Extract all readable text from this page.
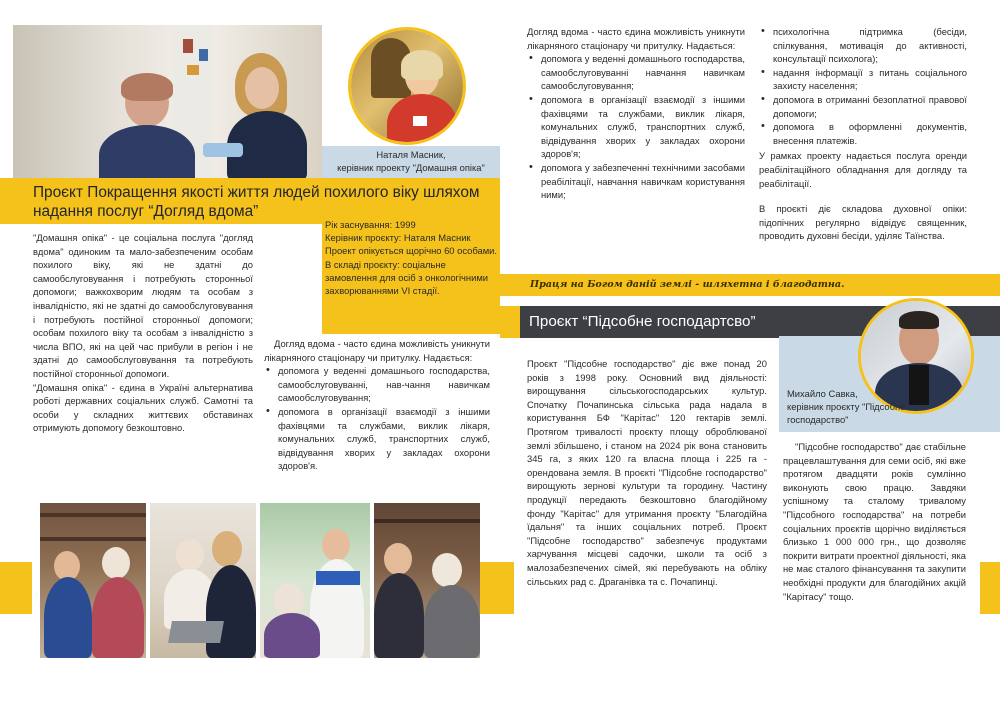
Наталя Масник,
керівник проекту "Домашня опіка"
Проєкт Покращення якості життя людей похилого віку шляхом надання послуг “Догляд вдома”
Рік заснування: 1999
Керівник проєкту: Наталя Масник
Проект опікується щорічно 60 особами.
В складі проєкту: соціальне замовлення для осіб з онкологічними захворюваннями VI стадії.

"Домашня опіка" - це соціальна послуга "догляд вдома" одиноким та мало-забезпеченим особам похилого віку, які не здатні до самообслуговування і потребують сторонньої допомоги; важкохворим людям та особам з інвалідністю, які не здатні до самообслуговування і потребують постійної сторонньої допомоги; особам похилого віку та особам з інвалідністю з числа ВПО, які на цей час прибули в регіон і не здатні до самообслуговування та потребують постійної сторонньої допомоги.

"Домашня опіка" - єдина в Україні альтернатива роботі державних соціальних служб. Самотні та особи у складних життєвих обставинах отримують допомогу безкоштовно.

Догляд вдома - часто єдина можливість уникнути лікарняного стаціонару чи притулку. Надається:

• допомога у веденні домашнього господарства, самообслуговуванні, нав-чання навичкам самообслуговування;
• допомога в організації взаємодії з іншими фахівцями та службами, виклик лікаря, комунальних служб, транспортних служб, відвідування хворих у закладах охорони здоров'я.

Догляд вдома - часто єдина можливість уникнути лікарняного стаціонару чи притулку. Надається:

• допомога у веденні домашнього господарства, самообслуговуванні навчання навичкам самообслуговування;
• допомога в організації взаємодії з іншими фахівцями та службами, виклик лікаря, комунальних служб, транспортних служб, відвідування хворих у закладах охорони здоров'я;
• допомога у забезпеченні технічними засобами реабілітації, навчання навичкам користування ними;
• психологічна підтримка (бесіди, спілкування, мотивація до активності, консультації психолога);
• надання інформації з питань соціального захисту населення;
• допомога в отриманні безоплатної правової допомоги;
• допомога в оформленні документів, внесення платежів.

У рамках проекту надається послуга оренди реабілітаційного обладнання для догляду та реабілітації.

В проєкті діє складова духовної опіки: підопічних регулярно відвідує священник, проводить духовні бесіди, уділяє Таїнства.

Праця на Богом даній землі - шляхетна і благодатна.
Проєкт “Підсобне господартсво”
Михайло Савка,
керівник проєкту "Підсобне господарство"

Проєкт "Підсобне господарство" діє вже понад 20 років з 1998 року. Основний вид діяльності: вирощування сільськогосподарських культур. Спочатку Почапинська сільська рада надала в користування БФ "Карітас" 120 гектарів землі. Протягом тривалості проєкту площу оброблюваної землі збільшено, і станом на 2024 рік вона становить 345 га, з яких 120 га власна площа і 225 га - орендована земля. В проєкті "Підсобне господарство" вирощують зернові культури та городину. Частину продукції передають безкоштовно благодійному фонду "Карітас" для утримання проєкту "Благодійна їдальня" та інших соціальних потреб. Проєкт "Підсобне господарство" забезпечує продуктами харчування місцеві садочки, школи та осіб з малозабезпечених сімей, які перебувають на обліку сільських рад с. Драганівка та с. Почапинці.

"Підсобне господарство" дає стабільне працевлаштування для семи осіб, які вже протягом двадцяти років сумлінно виконують свою працю. Завдяки успішному та сталому тривалому "Підсобного господарства" на потреби соціальних проєктів щорічно виділяється близько 1 000 000 грн., що дозволяє покрити витрати проектної діяльності, яка не має сталого фінансування та закупити необхідні продукти для благодійних акцій "Карітасу" тощо.
